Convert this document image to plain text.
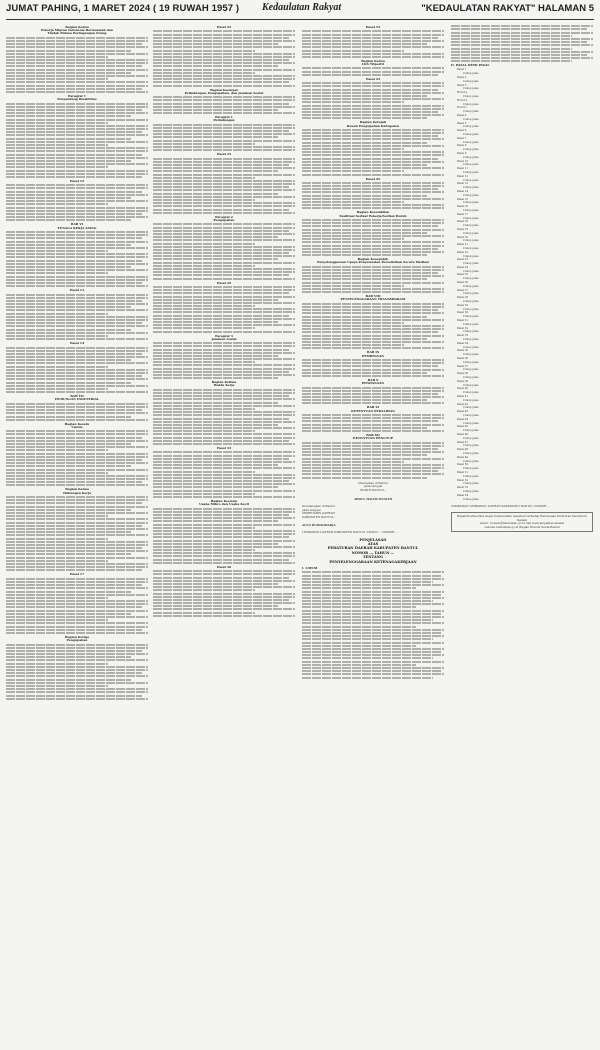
JUMAT PAHING, 1 MARET 2024 ( 19 RUWAH 1957 ) Kedaulatan Rakyat	"KEDAULATAN RAKYAT" HALAMAN 5
Bagian Kedua
Pekerja Migran Indonesia Bermasalah dan
Tindak Pidana Perdagangan Orang
Paragraf 1
Penyandang Disabilitas
Pasal 12
BAB VI
TENAGA KERJA ASING
Pasal 13
Pasal 14
BAB VII
HUBUNGAN INDUSTRIAL
Bagian Kesatu
Umum
Bagian Kedua
Hubungan Kerja
Pasal 17
Bagian Ketiga
Pengupahan
Pasal 22
Bagian Keempat
Pelindungan, Pengupahan, dan Jaminan Sosial
Paragraf 1
Pelindungan
Pasal 25
Paragraf 2
Pengupahan
Pasal 29
Paragraf 3
Jaminan Sosial
Bagian Kelima
Waktu Kerja
Pasal 33
Bagian Keenam
Usaha Mikro dan Usaha Kecil
Pasal 36
Pasal 53
Bagian Kedua
LKS Tripartit
Pasal 43
Bagian Ketujuh
Dewan Pengupahan Kabupaten
Pasal 45
Bagian Kesembilan
Fasilitasi Serikat Pekerja/Serikat Buruh
Bagian Kesepuluh
Penyelenggaraan Upaya Penyelesaian Perselisihan Secara Mediasi
BAB VIII
PENYELENGGARAAN TRANSMIGRASI
BAB IX
PEMBINAAN
BAB X
PENDANAAN
BAB XI
KETENTUAN PERALIHAN
BAB XII
KETENTUAN PENUTUP
Ditetapkan di Bantul
pada tanggal
BUPATI BANTUL,
ABDUL HALIM MUSLIH
Diundangkan di Bantul
pada tanggal
SEKRETARIS DAERAH
KABUPATEN BANTUL,
AGUS BUDIRAHARJA
LEMBARAN DAERAH KABUPATEN BANTUL TAHUN ... NOMOR ...
PENJELASAN
ATAS
PERATURAN DAERAH KABUPATEN BANTUL
NOMOR ... TAHUN ...
TENTANG
PENYELENGGARAAN KETENAGAKERJAAN
I. UMUM
II. PASAL DEMI PASAL
Pasal 1
Cukup jelas.
Pasal 2
Cukup jelas.
Pasal 3
Cukup jelas.
Huruf a
Cukup jelas.
Huruf b
Cukup jelas.
Huruf c
Cukup jelas.
Pasal 4
Cukup jelas.
Pasal 5
Cukup jelas.
Pasal 6
Cukup jelas.
Pasal 7
Cukup jelas.
Pasal 8
Cukup jelas.
Pasal 9
Cukup jelas.
Pasal 10
Cukup jelas.
Pasal 11
Cukup jelas.
Pasal 12
Cukup jelas.
Pasal 13
Cukup jelas.
Pasal 14
Cukup jelas.
Pasal 15
Cukup jelas.
Pasal 16
Cukup jelas.
Pasal 17
Cukup jelas.
Pasal 18
Cukup jelas.
Pasal 19
Cukup jelas.
Pasal 20
Cukup jelas.
Pasal 21
Cukup jelas.
Pasal 22
Cukup jelas.
Pasal 23
Cukup jelas.
Pasal 24
Cukup jelas.
Pasal 25
Cukup jelas.
Pasal 26
Cukup jelas.
Pasal 27
Cukup jelas.
Pasal 28
Cukup jelas.
Pasal 29
Cukup jelas.
Pasal 30
Cukup jelas.
Pasal 31
Cukup jelas.
Pasal 32
Cukup jelas.
Pasal 33
Cukup jelas.
Pasal 34
Cukup jelas.
Pasal 35
Cukup jelas.
Pasal 36
Cukup jelas.
Pasal 37
Cukup jelas.
Pasal 38
Cukup jelas.
Pasal 39
Cukup jelas.
Pasal 40
Cukup jelas.
Pasal 41
Cukup jelas.
Pasal 42
Cukup jelas.
Pasal 43
Cukup jelas.
Pasal 44
Cukup jelas.
Pasal 45
Cukup jelas.
Pasal 46
Cukup jelas.
Pasal 47
Cukup jelas.
Pasal 48
Cukup jelas.
Pasal 49
Cukup jelas.
Pasal 50
Cukup jelas.
Pasal 51
Cukup jelas.
Pasal 52
Cukup jelas.
Pasal 53
Cukup jelas.
Pasal 54
Cukup jelas.
TAMBAHAN LEMBARAN DAERAH KABUPATEN BANTUL NOMOR ...
Bapak/Ibu/Saudara dapat memberikan masukan terhadap Rancangan Peraturan Daerah ini melalui
email : hukum@bantulkab.go.id dan menyampaikan alamat
website bantulkab.go.id Bagian Hukum Setda Bantul
